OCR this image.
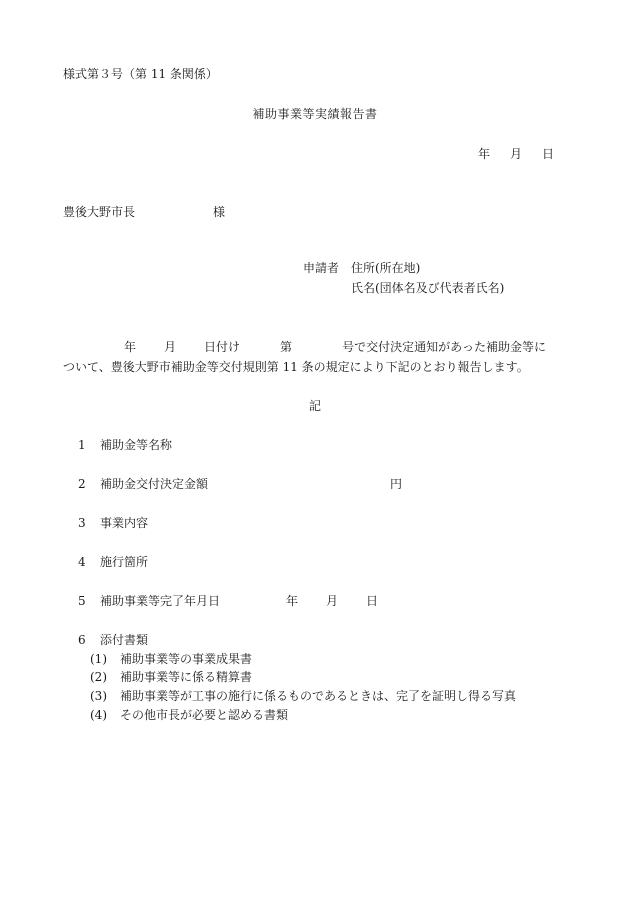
様式第３号（第 11 条関係）
補助事業等実績報告書
年 月 日
豊後大野市長	様
申請者 住所(所在地)
氏名(団体名及び代表者氏名)
年 月 日付け	第	号で交付決定通知があった補助金等に
ついて、豊後大野市補助金等交付規則第 11 条の規定により下記のとおり報告します。
記
1 補助金等名称
2 補助金交付決定金額	円
3 事業内容
4 施行箇所
5 補助事業等完了年月日	年 月 日
6 添付書類
(1) 補助事業等の事業成果書
(2) 補助事業等に係る精算書
(3) 補助事業等が工事の施行に係るものであるときは、完了を証明し得る写真
(4) その他市長が必要と認める書類
